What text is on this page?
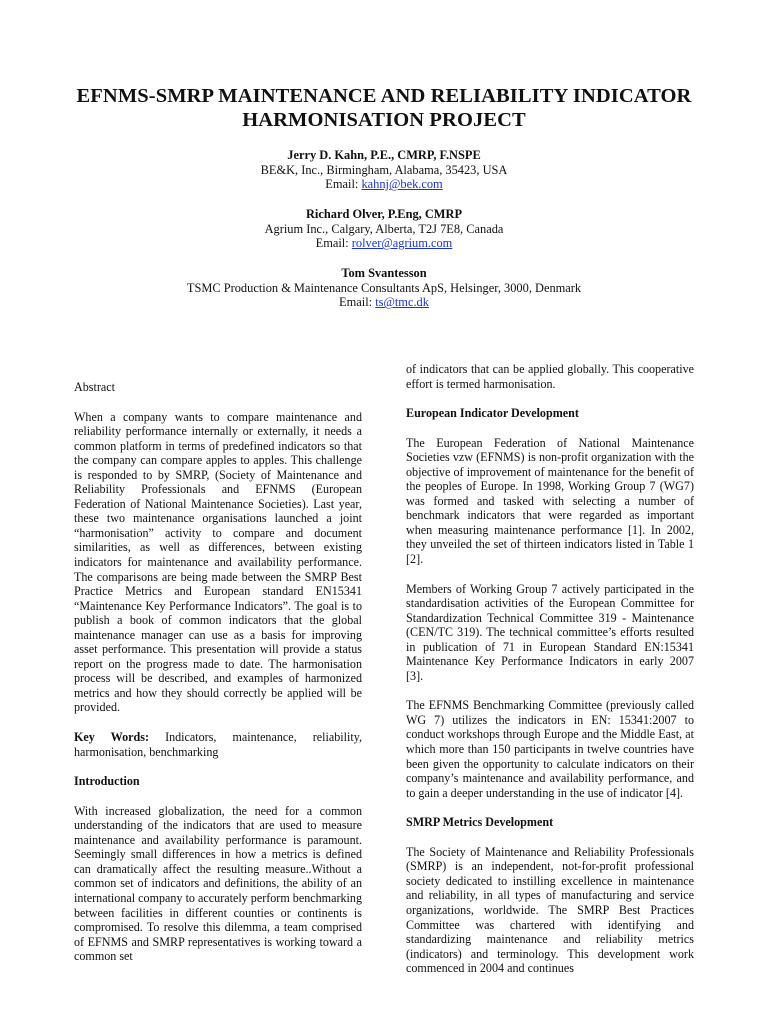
EFNMS-SMRP MAINTENANCE AND RELIABILITY INDICATOR
HARMONISATION PROJECT
Jerry D. Kahn, P.E., CMRP, F.NSPE
BE&K, Inc., Birmingham, Alabama, 35423, USA
Email: kahnj@bek.com
Richard Olver, P.Eng, CMRP
Agrium Inc., Calgary, Alberta, T2J 7E8, Canada
Email: rolver@agrium.com
Tom Svantesson
TSMC Production & Maintenance Consultants ApS, Helsinger, 3000, Denmark
Email: ts@tmc.dk
Abstract

When a company wants to compare maintenance and reliability performance internally or externally, it needs a common platform in terms of predefined indicators so that the company can compare apples to apples. This challenge is responded to by SMRP, (Society of Maintenance and Reliability Professionals and EFNMS (European Federation of National Maintenance Societies). Last year, these two maintenance organisations launched a joint “harmonisation” activity to compare and document similarities, as well as differences, between existing indicators for maintenance and availability performance. The comparisons are being made between the SMRP Best Practice Metrics and European standard EN15341 “Maintenance Key Performance Indicators”. The goal is to publish a book of common indicators that the global maintenance manager can use as a basis for improving asset performance. This presentation will provide a status report on the progress made to date. The harmonisation process will be described, and examples of harmonized metrics and how they should correctly be applied will be provided.

Key Words: Indicators, maintenance, reliability, harmonisation, benchmarking

Introduction

With increased globalization, the need for a common understanding of the indicators that are used to measure maintenance and availability performance is paramount. Seemingly small differences in how a metrics is defined can dramatically affect the resulting measure..Without a common set of indicators and definitions, the ability of an international company to accurately perform benchmarking between facilities in different counties or continents is compromised. To resolve this dilemma, a team comprised of EFNMS and SMRP representatives is working toward a common set

of indicators that can be applied globally. This cooperative effort is termed harmonisation.

European Indicator Development

The European Federation of National Maintenance Societies vzw (EFNMS) is non-profit organization with the objective of improvement of maintenance for the benefit of the peoples of Europe. In 1998, Working Group 7 (WG7) was formed and tasked with selecting a number of benchmark indicators that were regarded as important when measuring maintenance performance [1]. In 2002, they unveiled the set of thirteen indicators listed in Table 1 [2].

Members of Working Group 7 actively participated in the standardisation activities of the European Committee for Standardization Technical Committee 319 - Maintenance (CEN/TC 319). The technical committee’s efforts resulted in publication of 71 in European Standard EN:15341 Maintenance Key Performance Indicators in early 2007 [3].

The EFNMS Benchmarking Committee (previously called WG 7) utilizes the indicators in EN: 15341:2007 to conduct workshops through Europe and the Middle East, at which more than 150 participants in twelve countries have been given the opportunity to calculate indicators on their company’s maintenance and availability performance, and to gain a deeper understanding in the use of indicator [4].

SMRP Metrics Development

The Society of Maintenance and Reliability Professionals (SMRP) is an independent, not-for-profit professional society dedicated to instilling excellence in maintenance and reliability, in all types of manufacturing and service organizations, worldwide. The SMRP Best Practices Committee was chartered with identifying and standardizing maintenance and reliability metrics (indicators) and terminology. This development work commenced in 2004 and continues
